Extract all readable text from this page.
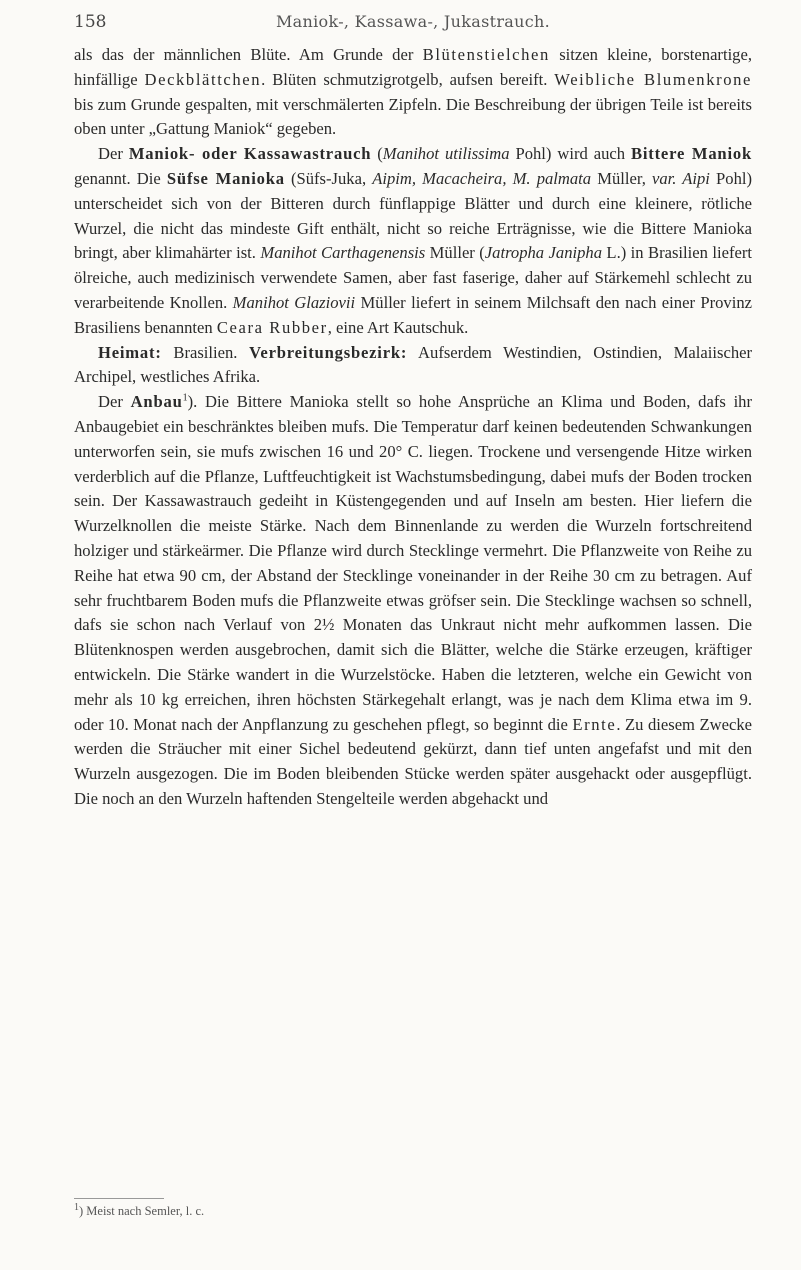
158	Maniok-, Kassawa-, Jukastrauch.

als das der männlichen Blüte. Am Grunde der Blütenstielchen sitzen kleine, borstenartige, hinfällige Deckblättchen. Blüten schmutzigrotgelb, aufsen bereift. Weibliche Blumenkrone bis zum Grunde gespalten, mit verschmälerten Zipfeln. Die Beschreibung der übrigen Teile ist bereits oben unter „Gattung Maniok“ gegeben.

Der Maniok- oder Kassawastrauch (Manihot utilissima Pohl) wird auch Bittere Maniok genannt. Die Süfse Manioka (Süfs-Juka, Aipim, Macacheira, M. palmata Müller, var. Aipi Pohl) unterscheidet sich von der Bitteren durch fünflappige Blätter und durch eine kleinere, rötliche Wurzel, die nicht das mindeste Gift enthält, nicht so reiche Erträgnisse, wie die Bittere Manioka bringt, aber klimahärter ist. Manihot Carthagenensis Müller (Jatropha Janipha L.) in Brasilien liefert ölreiche, auch medizinisch verwendete Samen, aber fast faserige, daher auf Stärkemehl schlecht zu verarbeitende Knollen. Manihot Glaziovii Müller liefert in seinem Milchsaft den nach einer Provinz Brasiliens benannten Ceara Rubber, eine Art Kautschuk.

Heimat: Brasilien. Verbreitungsbezirk: Aufserdem Westindien, Ostindien, Malaiischer Archipel, westliches Afrika.

Der Anbau$^1$). Die Bittere Manioka stellt so hohe Ansprüche an Klima und Boden, dafs ihr Anbaugebiet ein beschränktes bleiben mufs. Die Temperatur darf keinen bedeutenden Schwankungen unterworfen sein, sie mufs zwischen 16 und 20° C. liegen. Trockene und versengende Hitze wirken verderblich auf die Pflanze, Luftfeuchtigkeit ist Wachstumsbedingung, dabei mufs der Boden trocken sein. Der Kassawastrauch gedeiht in Küstengegenden und auf Inseln am besten. Hier liefern die Wurzelknollen die meiste Stärke. Nach dem Binnenlande zu werden die Wurzeln fortschreitend holziger und stärkeärmer. Die Pflanze wird durch Stecklinge vermehrt. Die Pflanzweite von Reihe zu Reihe hat etwa 90 cm, der Abstand der Stecklinge voneinander in der Reihe 30 cm zu betragen. Auf sehr fruchtbarem Boden mufs die Pflanzweite etwas gröfser sein. Die Stecklinge wachsen so schnell, dafs sie schon nach Verlauf von 2½ Monaten das Unkraut nicht mehr aufkommen lassen. Die Blütenknospen werden ausgebrochen, damit sich die Blätter, welche die Stärke erzeugen, kräftiger entwickeln. Die Stärke wandert in die Wurzelstöcke. Haben die letzteren, welche ein Gewicht von mehr als 10 kg erreichen, ihren höchsten Stärkegehalt erlangt, was je nach dem Klima etwa im 9. oder 10. Monat nach der Anpflanzung zu geschehen pflegt, so beginnt die Ernte. Zu diesem Zwecke werden die Sträucher mit einer Sichel bedeutend gekürzt, dann tief unten angefafst und mit den Wurzeln ausgezogen. Die im Boden bleibenden Stücke werden später ausgehackt oder ausgepflügt. Die noch an den Wurzeln haftenden Stengelteile werden abgehackt und

$^1$) Meist nach Semler, l. c.
